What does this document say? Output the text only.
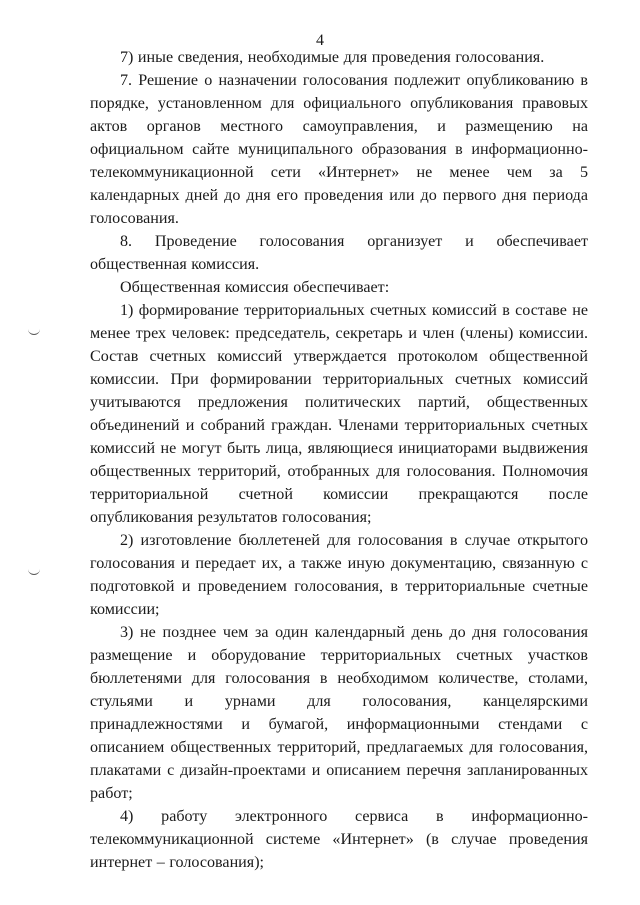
4

7) иные сведения, необходимые для проведения голосования.

7. Решение о назначении голосования подлежит опубликованию в порядке, установленном для официального опубликования правовых актов органов местного самоуправления, и размещению на официальном сайте муниципального образования в информационно-телекоммуникационной сети «Интернет» не менее чем за 5 календарных дней до дня его проведения или до первого дня периода голосования.

8. Проведение голосования организует и обеспечивает общественная комиссия.

Общественная комиссия обеспечивает:

1) формирование территориальных счетных комиссий в составе не менее трех человек: председатель, секретарь и член (члены) комиссии. Состав счетных комиссий утверждается протоколом общественной комиссии. При формировании территориальных счетных комиссий учитываются предложения политических партий, общественных объединений и собраний граждан. Членами территориальных счетных комиссий не могут быть лица, являющиеся инициаторами выдвижения общественных территорий, отобранных для голосования. Полномочия территориальной счетной комиссии прекращаются после опубликования результатов голосования;

2) изготовление бюллетеней для голосования в случае открытого голосования и передает их, а также иную документацию, связанную с подготовкой и проведением голосования, в территориальные счетные комиссии;

3) не позднее чем за один календарный день до дня голосования размещение и оборудование территориальных счетных участков бюллетенями для голосования в необходимом количестве, столами, стульями и урнами для голосования, канцелярскими принадлежностями и бумагой, информационными стендами с описанием общественных территорий, предлагаемых для голосования, плакатами с дизайн-проектами и описанием перечня запланированных работ;

4) работу электронного сервиса в информационно-телекоммуникационной системе «Интернет» (в случае проведения интернет – голосования);
